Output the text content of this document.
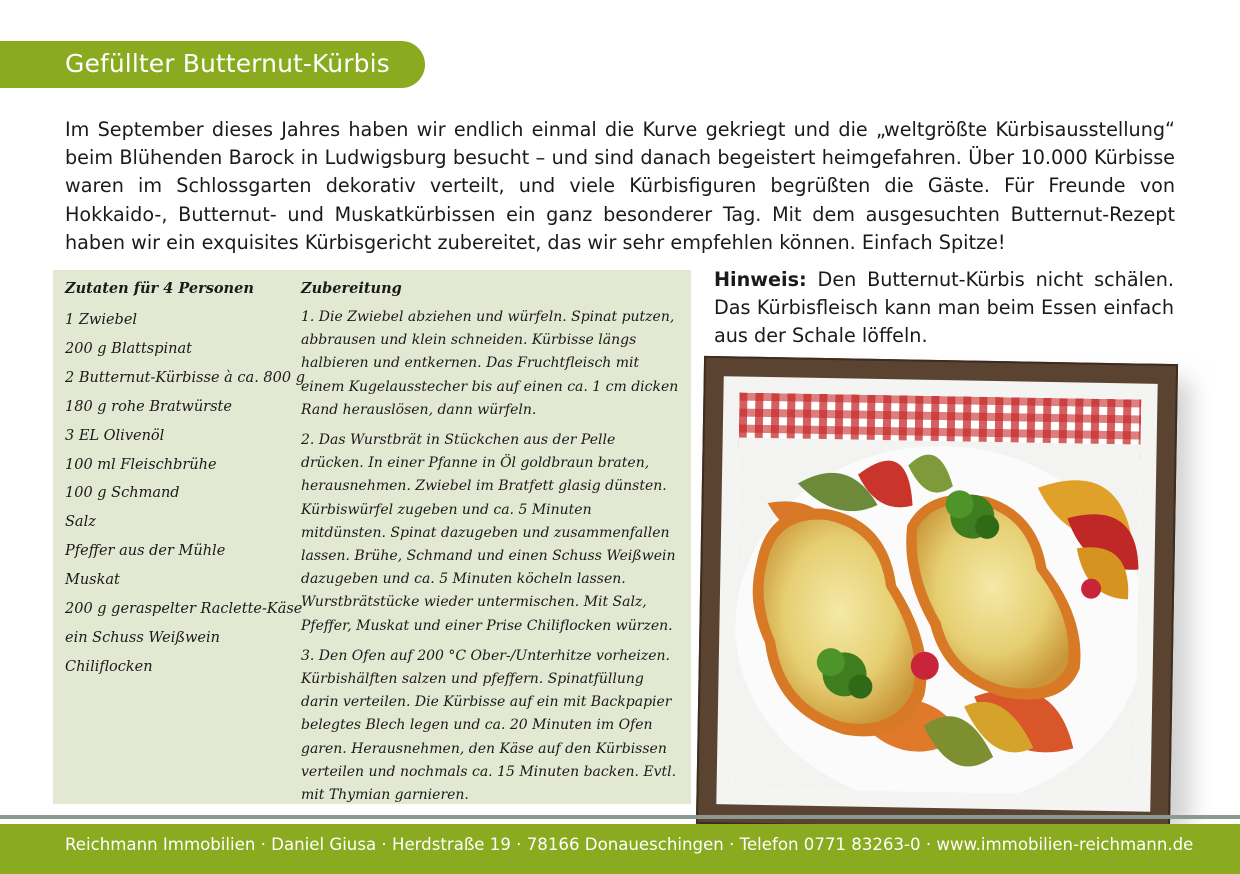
Gefüllter Butternut-Kürbis
Im September dieses Jahres haben wir endlich einmal die Kurve gekriegt und die „weltgrößte Kürbisausstellung“ beim Blühenden Barock in Ludwigsburg besucht – und sind danach begeistert heimgefahren. Über 10.000 Kürbisse waren im Schlossgarten dekorativ verteilt, und viele Kürbisfiguren begrüßten die Gäste. Für Freunde von Hokkaido-, Butternut- und Muskatkürbissen ein ganz besonderer Tag. Mit dem ausgesuchten Butternut-Rezept haben wir ein exquisites Kürbisgericht zubereitet, das wir sehr empfehlen können. Einfach Spitze!
Zutaten für 4 Personen
1 Zwiebel
200 g Blattspinat
2 Butternut-Kürbisse à ca. 800 g
180 g rohe Bratwürste
3 EL Olivenöl
100 ml Fleischbrühe
100 g Schmand
Salz
Pfeffer aus der Mühle
Muskat
200 g geraspelter Raclette-Käse
ein Schuss Weißwein
Chiliflocken
Zubereitung
1. Die Zwiebel abziehen und würfeln. Spinat putzen, abbrausen und klein schneiden. Kürbisse längs halbieren und entkernen. Das Fruchtfleisch mit einem Kugelausstecher bis auf einen ca. 1 cm dicken Rand herauslösen, dann würfeln.
2. Das Wurstbrät in Stückchen aus der Pelle drücken. In einer Pfanne in Öl goldbraun braten, herausnehmen. Zwiebel im Bratfett glasig dünsten. Kürbiswürfel zugeben und ca. 5 Minuten mitdünsten. Spinat dazugeben und zusammenfallen lassen. Brühe, Schmand und einen Schuss Weißwein dazugeben und ca. 5 Minuten köcheln lassen. Wurstbrätstücke wieder untermischen. Mit Salz, Pfeffer, Muskat und einer Prise Chiliflocken würzen.
3. Den Ofen auf 200 °C Ober-/Unterhitze vorheizen. Kürbishälften salzen und pfeffern. Spinatfüllung darin verteilen. Die Kürbisse auf ein mit Backpapier belegtes Blech legen und ca. 20 Minuten im Ofen garen. Herausnehmen, den Käse auf den Kürbissen verteilen und nochmals ca. 15 Minuten backen. Evtl. mit Thymian garnieren.
Hinweis: Den Butternut-Kürbis nicht schälen. Das Kürbisfleisch kann man beim Essen einfach aus der Schale löffeln.
Reichmann Immobilien · Daniel Giusa · Herdstraße 19 · 78166 Donaueschingen · Telefon 0771 83263-0 · www.immobilien-reichmann.de
